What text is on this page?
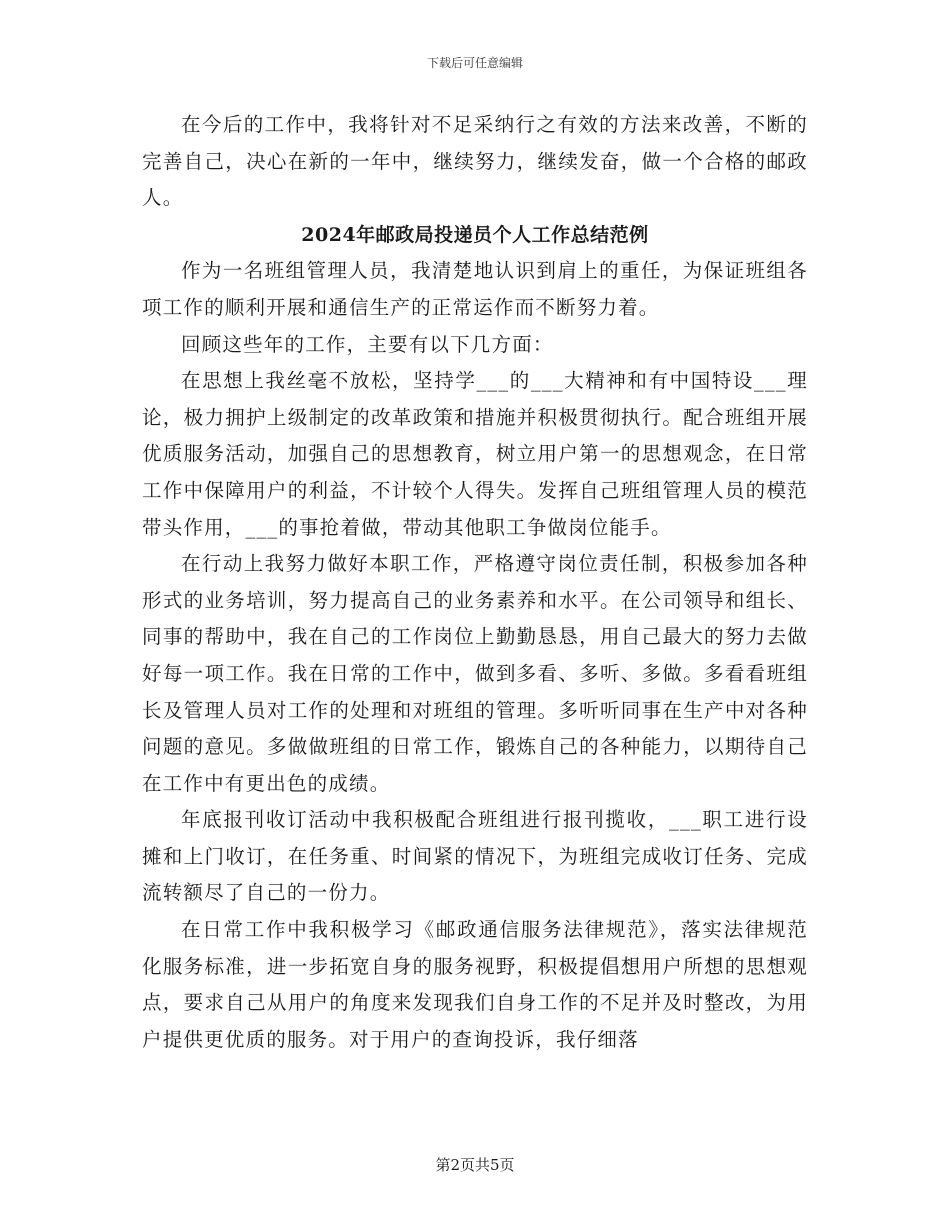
下载后可任意编辑

在今后的工作中，我将针对不足采纳行之有效的方法来改善，不断的完善自己，决心在新的一年中，继续努力，继续发奋，做一个合格的邮政人。

2024年邮政局投递员个人工作总结范例

作为一名班组管理人员，我清楚地认识到肩上的重任，为保证班组各项工作的顺利开展和通信生产的正常运作而不断努力着。

回顾这些年的工作，主要有以下几方面：

在思想上我丝毫不放松，坚持学___的___大精神和有中国特设___理论，极力拥护上级制定的改革政策和措施并积极贯彻执行。配合班组开展优质服务活动，加强自己的思想教育，树立用户第一的思想观念，在日常工作中保障用户的利益，不计较个人得失。发挥自己班组管理人员的模范带头作用，___的事抢着做，带动其他职工争做岗位能手。

在行动上我努力做好本职工作，严格遵守岗位责任制，积极参加各种形式的业务培训，努力提高自己的业务素养和水平。在公司领导和组长、同事的帮助中，我在自己的工作岗位上勤勤恳恳，用自己最大的努力去做好每一项工作。我在日常的工作中，做到多看、多听、多做。多看看班组长及管理人员对工作的处理和对班组的管理。多听听同事在生产中对各种问题的意见。多做做班组的日常工作，锻炼自己的各种能力，以期待自己在工作中有更出色的成绩。

年底报刊收订活动中我积极配合班组进行报刊揽收，___职工进行设摊和上门收订，在任务重、时间紧的情况下，为班组完成收订任务、完成流转额尽了自己的一份力。

在日常工作中我积极学习《邮政通信服务法律规范》，落实法律规范化服务标准，进一步拓宽自身的服务视野，积极提倡想用户所想的思想观点，要求自己从用户的角度来发现我们自身工作的不足并及时整改，为用户提供更优质的服务。对于用户的查询投诉，我仔细落

第2页共5页
